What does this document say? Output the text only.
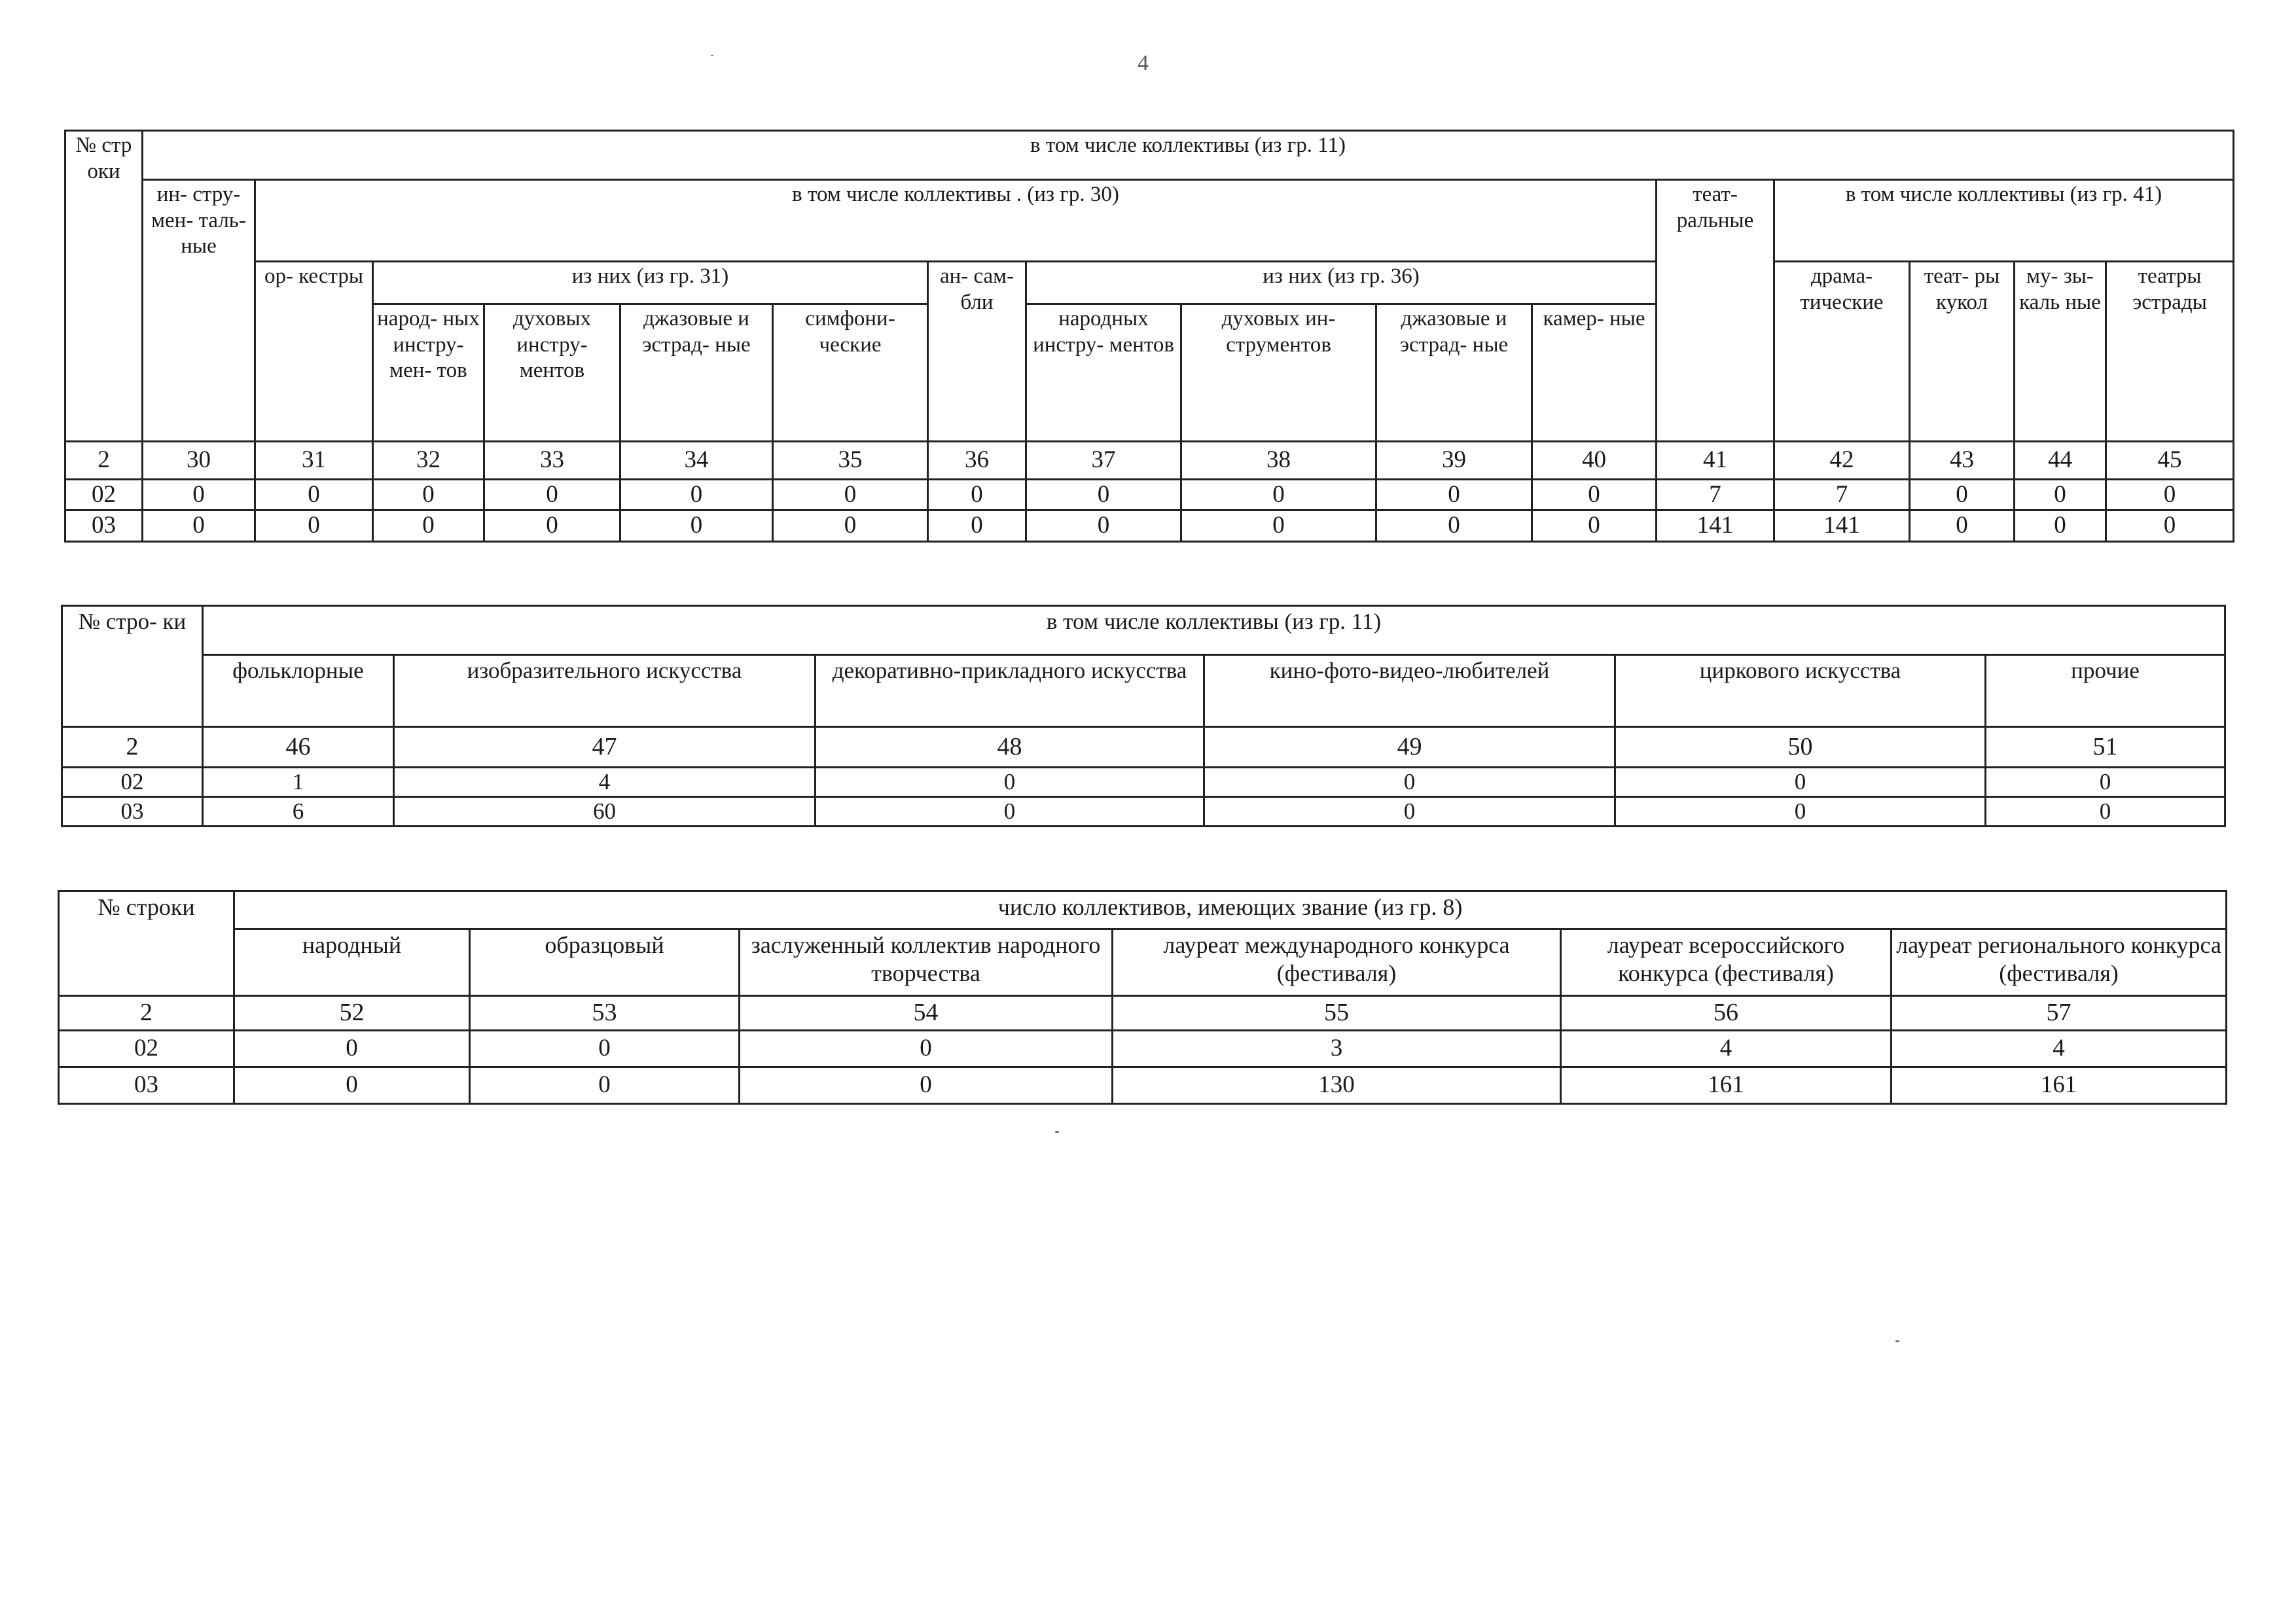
4
№ стр оки	в том числе коллективы (из гр. 11)															
	ин- стру- мен- таль- ные	в том числе коллективы . (из гр. 30)										теат- ральные	в том числе коллективы (из гр. 41)			
		ор- кестры	из них (из гр. 31)				ан- сам- бли	из них (из гр. 36)					драма- тические	теат- ры кукол	му- зы- каль ные	театры эстрады
			народ- ных инстру- мен- тов	духовых инстру- ментов	джазовые и эстрад- ные	симфони- ческие		народных инстру- ментов	духовых ин- струментов	джазовые и эстрад- ные	камер- ные					
2	30	31	32	33	34	35	36	37	38	39	40	41	42	43	44	45
02	0	0	0	0	0	0	0	0	0	0	0	7	7	0	0	0
03	0	0	0	0	0	0	0	0	0	0	0	141	141	0	0	0
№ стро- ки	в том числе коллективы (из гр. 11)					
	фольклорные	изобразительного искусства	декоративно-прикладного искусства	кино-фото-видео-любителей	циркового искусства	прочие
2	46	47	48	49	50	51
02	1	4	0	0	0	0
03	6	60	0	0	0	0
№ строки	число коллективов, имеющих звание (из гр. 8)					
	народный	образцовый	заслуженный коллектив народного творчества	лауреат международного конкурса (фестиваля)	лауреат всероссийского конкурса (фестиваля)	лауреат регионального конкурса (фестиваля)
2	52	53	54	55	56	57
02	0	0	0	3	4	4
03	0	0	0	130	161	161
